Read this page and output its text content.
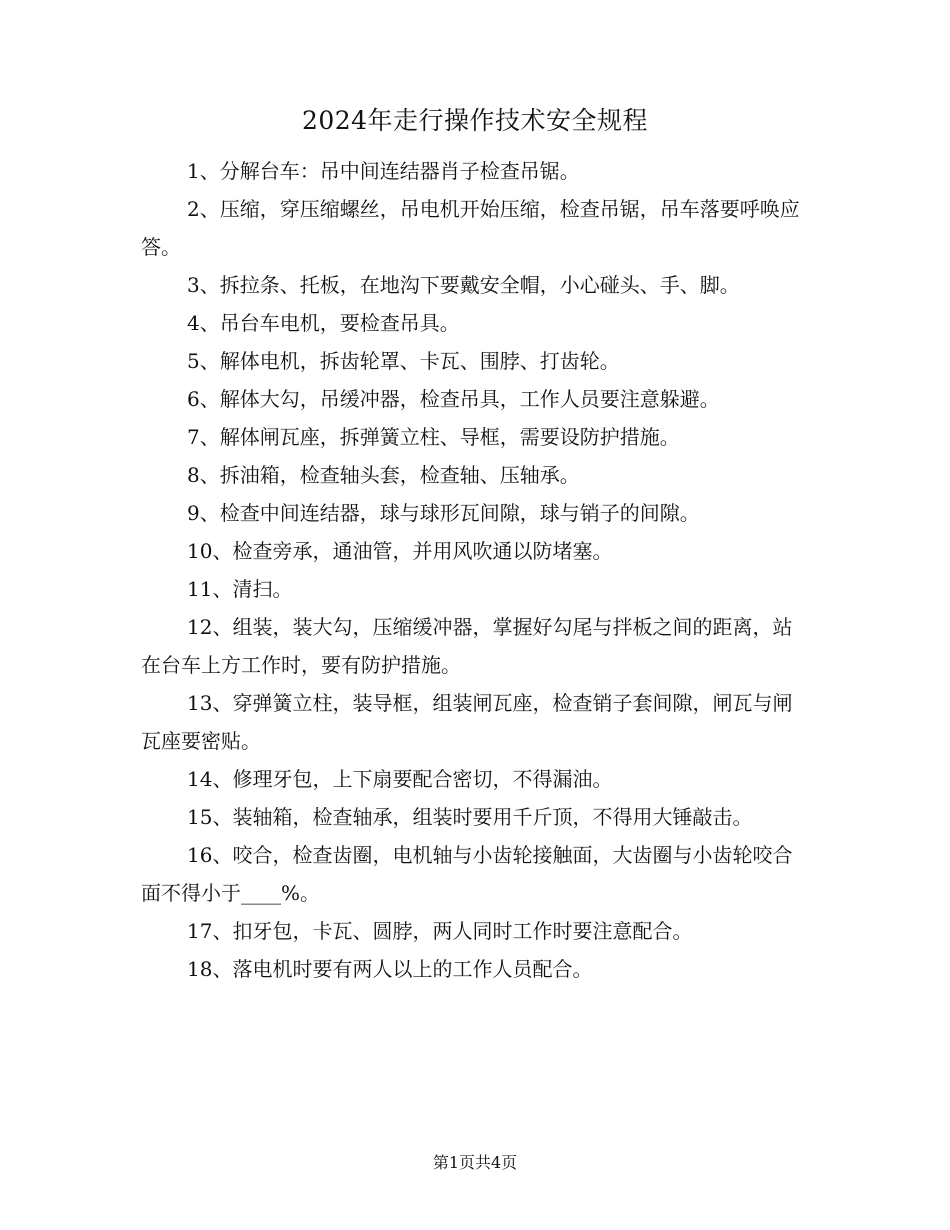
2024年走行操作技术安全规程

1、分解台车：吊中间连结器肖子检查吊锯。

2、压缩，穿压缩螺丝，吊电机开始压缩，检查吊锯，吊车落要呼唤应答。

3、拆拉条、托板，在地沟下要戴安全帽，小心碰头、手、脚。

4、吊台车电机，要检查吊具。

5、解体电机，拆齿轮罩、卡瓦、围脖、打齿轮。

6、解体大勾，吊缓冲器，检查吊具，工作人员要注意躲避。

7、解体闸瓦座，拆弹簧立柱、导框，需要设防护措施。

8、拆油箱，检查轴头套，检查轴、压轴承。

9、检查中间连结器，球与球形瓦间隙，球与销子的间隙。

10、检查旁承，通油管，并用风吹通以防堵塞。

11、清扫。

12、组装，装大勾，压缩缓冲器，掌握好勾尾与拌板之间的距离，站在台车上方工作时，要有防护措施。

13、穿弹簧立柱，装导框，组装闸瓦座，检查销子套间隙，闸瓦与闸瓦座要密贴。

14、修理牙包，上下扇要配合密切，不得漏油。

15、装轴箱，检查轴承，组装时要用千斤顶，不得用大锤敲击。

16、咬合，检查齿圈，电机轴与小齿轮接触面，大齿圈与小齿轮咬合面不得小于____%。

17、扣牙包，卡瓦、圆脖，两人同时工作时要注意配合。

18、落电机时要有两人以上的工作人员配合。

第1页共4页
